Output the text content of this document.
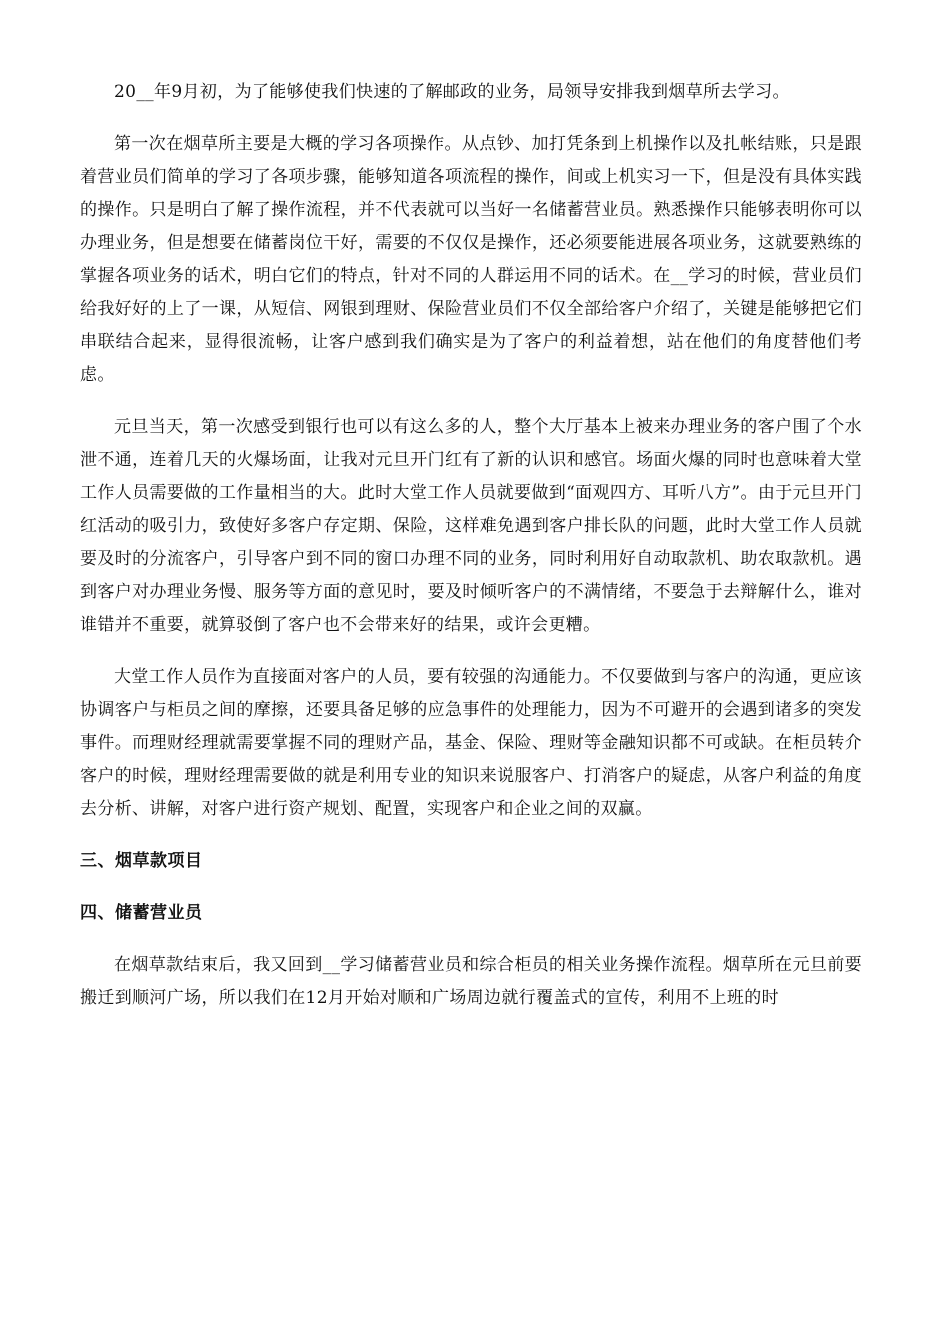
20__年9月初，为了能够使我们快速的了解邮政的业务，局领导安排我到烟草所去学习。

第一次在烟草所主要是大概的学习各项操作。从点钞、加打凭条到上机操作以及扎帐结账，只是跟着营业员们简单的学习了各项步骤，能够知道各项流程的操作，间或上机实习一下，但是没有具体实践的操作。只是明白了解了操作流程，并不代表就可以当好一名储蓄营业员。熟悉操作只能够表明你可以办理业务，但是想要在储蓄岗位干好，需要的不仅仅是操作，还必须要能进展各项业务，这就要熟练的掌握各项业务的话术，明白它们的特点，针对不同的人群运用不同的话术。在__学习的时候，营业员们给我好好的上了一课，从短信、网银到理财、保险营业员们不仅全部给客户介绍了，关键是能够把它们串联结合起来，显得很流畅，让客户感到我们确实是为了客户的利益着想，站在他们的角度替他们考虑。

元旦当天，第一次感受到银行也可以有这么多的人，整个大厅基本上被来办理业务的客户围了个水泄不通，连着几天的火爆场面，让我对元旦开门红有了新的认识和感官。场面火爆的同时也意味着大堂工作人员需要做的工作量相当的大。此时大堂工作人员就要做到“面观四方、耳听八方”。由于元旦开门红活动的吸引力，致使好多客户存定期、保险，这样难免遇到客户排长队的问题，此时大堂工作人员就要及时的分流客户，引导客户到不同的窗口办理不同的业务，同时利用好自动取款机、助农取款机。遇到客户对办理业务慢、服务等方面的意见时，要及时倾听客户的不满情绪，不要急于去辩解什么，谁对谁错并不重要，就算驳倒了客户也不会带来好的结果，或许会更糟。

大堂工作人员作为直接面对客户的人员，要有较强的沟通能力。不仅要做到与客户的沟通，更应该协调客户与柜员之间的摩擦，还要具备足够的应急事件的处理能力，因为不可避开的会遇到诸多的突发事件。而理财经理就需要掌握不同的理财产品，基金、保险、理财等金融知识都不可或缺。在柜员转介客户的时候，理财经理需要做的就是利用专业的知识来说服客户、打消客户的疑虑，从客户利益的角度去分析、讲解，对客户进行资产规划、配置，实现客户和企业之间的双赢。

三、烟草款项目
四、储蓄营业员

在烟草款结束后，我又回到__学习储蓄营业员和综合柜员的相关业务操作流程。烟草所在元旦前要搬迁到顺河广场，所以我们在12月开始对顺和广场周边就行覆盖式的宣传，利用不上班的时
